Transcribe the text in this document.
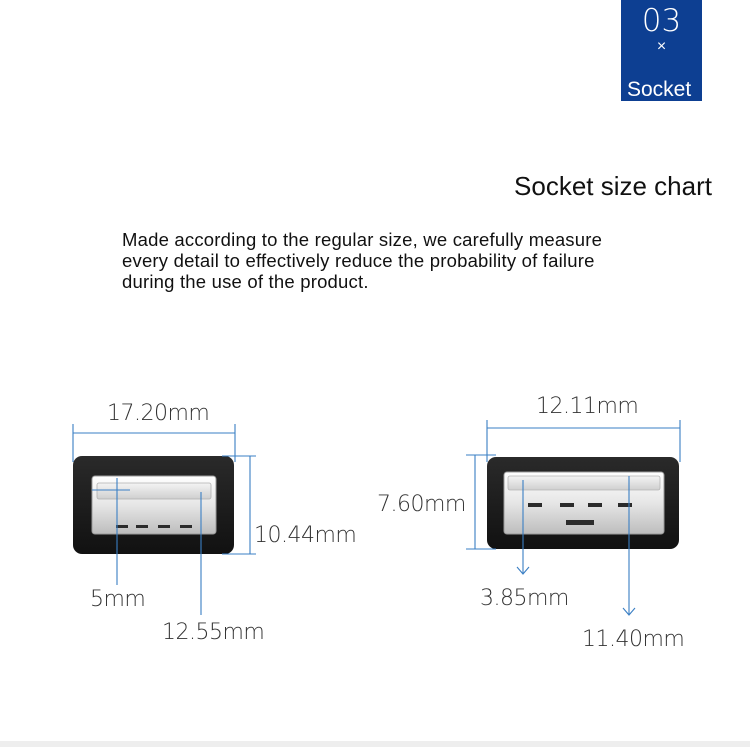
03
×
Socket
Socket size chart
Made according to the regular size, we carefully measure
every detail to effectively reduce the probability of failure
during the use of the product.
17.20mm
10.44mm
5mm
12.55mm
12.11mm
7.60mm
3.85mm
11.40mm
